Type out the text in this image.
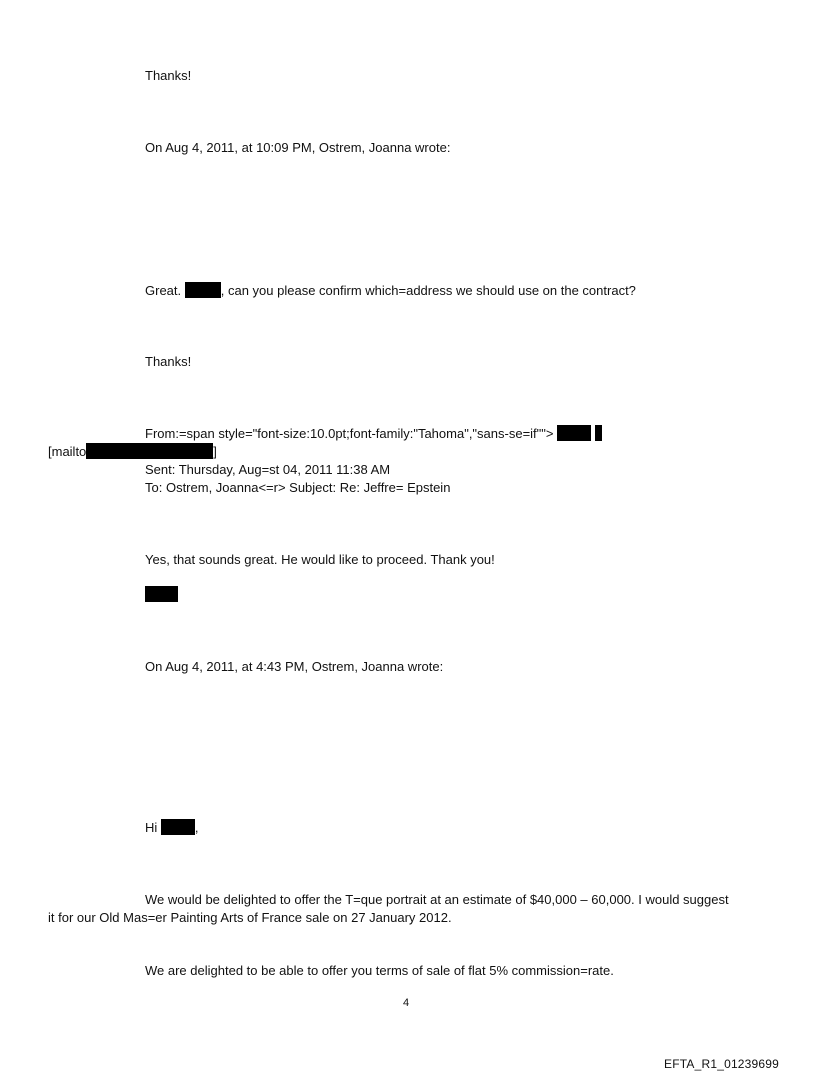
Thanks!
On Aug 4, 2011, at 10:09 PM, Ostrem, Joanna wrote:
Great.	, can you please confirm which=address we should use on the contract?
Thanks!
From:=span style="font-size:10.0pt;font-family:"Tahoma","sans-se=if"">
[mailto	]
Sent: Thursday, Aug=st 04, 2011 11:38 AM
To: Ostrem, Joanna<=r> Subject: Re: Jeffre= Epstein
Yes, that sounds great. He would like to proceed. Thank you!
On Aug 4, 2011, at 4:43 PM, Ostrem, Joanna wrote:
Hi	,
We would be delighted to offer the T=que portrait at an estimate of $40,000 – 60,000. I would suggest
it for our Old Mas=er Painting Arts of France sale on 27 January 2012.
We are delighted to be able to offer you terms of sale of flat 5% commission=rate.
4
EFTA_R1_01239699
